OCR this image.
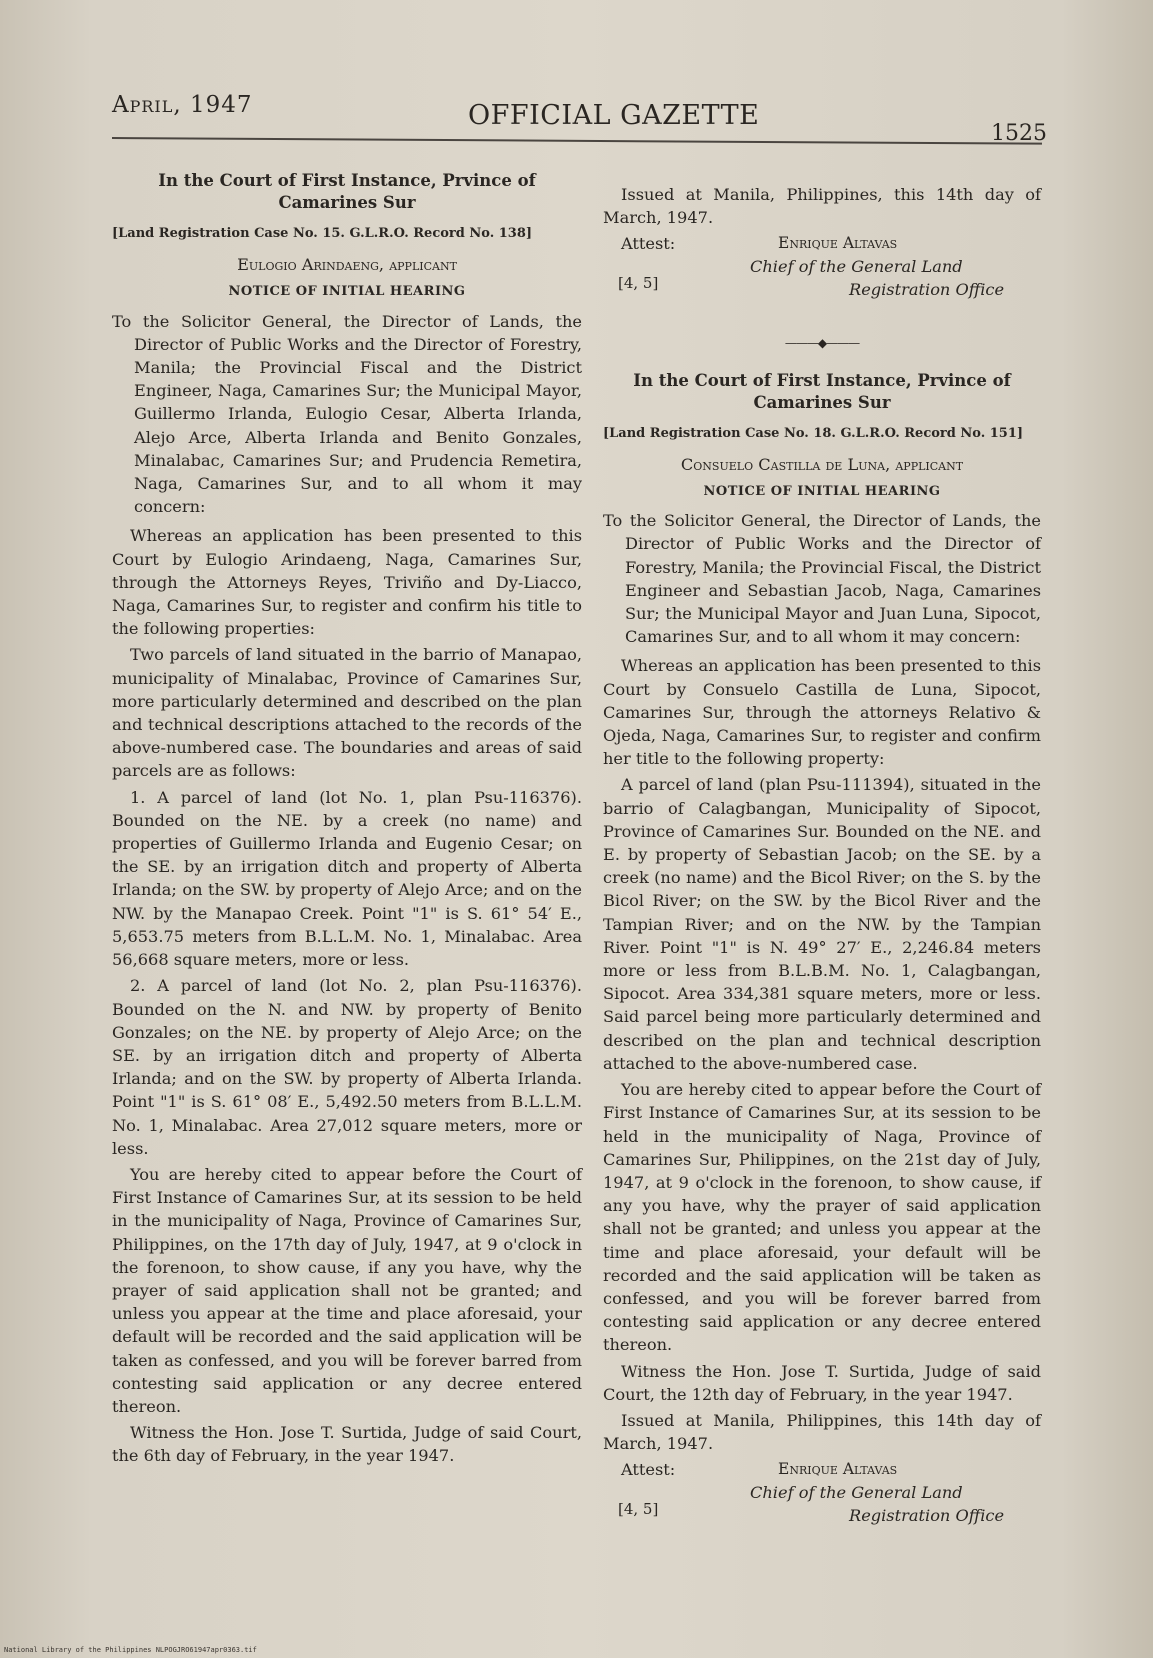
April, 1947	OFFICIAL GAZETTE
1525
In the Court of First Instance, Prvince of Camarines Sur
[Land Registration Case No. 15. G.L.R.O. Record No. 138]
Eulogio Arindaeng, applicant
NOTICE OF INITIAL HEARING
To the Solicitor General, the Director of Lands, the Director of Public Works and the Director of Forestry, Manila; the Provincial Fiscal and the District Engineer, Naga, Camarines Sur; the Municipal Mayor, Guillermo Irlanda, Eulogio Cesar, Alberta Irlanda, Alejo Arce, Alberta Irlanda and Benito Gonzales, Minalabac, Camarines Sur; and Prudencia Remetira, Naga, Camarines Sur, and to all whom it may concern:

Whereas an application has been presented to this Court by Eulogio Arindaeng, Naga, Camarines Sur, through the Attorneys Reyes, Triviño and Dy-Liacco, Naga, Camarines Sur, to register and confirm his title to the following properties:

Two parcels of land situated in the barrio of Manapao, municipality of Minalabac, Province of Camarines Sur, more particularly determined and described on the plan and technical descriptions attached to the records of the above-numbered case. The boundaries and areas of said parcels are as follows:

1. A parcel of land (lot No. 1, plan Psu-116376). Bounded on the NE. by a creek (no name) and properties of Guillermo Irlanda and Eugenio Cesar; on the SE. by an irrigation ditch and property of Alberta Irlanda; on the SW. by property of Alejo Arce; and on the NW. by the Manapao Creek. Point "1" is S. 61° 54′ E., 5,653.75 meters from B.L.L.M. No. 1, Minalabac. Area 56,668 square meters, more or less.

2. A parcel of land (lot No. 2, plan Psu-116376). Bounded on the N. and NW. by property of Benito Gonzales; on the NE. by property of Alejo Arce; on the SE. by an irrigation ditch and property of Alberta Irlanda; and on the SW. by property of Alberta Irlanda. Point "1" is S. 61° 08′ E., 5,492.50 meters from B.L.L.M. No. 1, Minalabac. Area 27,012 square meters, more or less.

You are hereby cited to appear before the Court of First Instance of Camarines Sur, at its session to be held in the municipality of Naga, Province of Camarines Sur, Philippines, on the 17th day of July, 1947, at 9 o'clock in the forenoon, to show cause, if any you have, why the prayer of said application shall not be granted; and unless you appear at the time and place aforesaid, your default will be recorded and the said application will be taken as confessed, and you will be forever barred from contesting said application or any decree entered thereon.

Witness the Hon. Jose T. Surtida, Judge of said Court, the 6th day of February, in the year 1947.

Issued at Manila, Philippines, this 14th day of March, 1947.

Attest:	Enrique Altavas
Chief of the General Land
Registration Office
[4, 5]
———◆———
In the Court of First Instance, Prvince of Camarines Sur
[Land Registration Case No. 18. G.L.R.O. Record No. 151]
Consuelo Castilla de Luna, applicant
NOTICE OF INITIAL HEARING
To the Solicitor General, the Director of Lands, the Director of Public Works and the Director of Forestry, Manila; the Provincial Fiscal, the District Engineer and Sebastian Jacob, Naga, Camarines Sur; the Municipal Mayor and Juan Luna, Sipocot, Camarines Sur, and to all whom it may concern:

Whereas an application has been presented to this Court by Consuelo Castilla de Luna, Sipocot, Camarines Sur, through the attorneys Relativo & Ojeda, Naga, Camarines Sur, to register and confirm her title to the following property:

A parcel of land (plan Psu-111394), situated in the barrio of Calagbangan, Municipality of Sipocot, Province of Camarines Sur. Bounded on the NE. and E. by property of Sebastian Jacob; on the SE. by a creek (no name) and the Bicol River; on the S. by the Bicol River; on the SW. by the Bicol River and the Tampian River; and on the NW. by the Tampian River. Point "1" is N. 49° 27′ E., 2,246.84 meters more or less from B.L.B.M. No. 1, Calagbangan, Sipocot. Area 334,381 square meters, more or less. Said parcel being more particularly determined and described on the plan and technical description attached to the above-numbered case.

You are hereby cited to appear before the Court of First Instance of Camarines Sur, at its session to be held in the municipality of Naga, Province of Camarines Sur, Philippines, on the 21st day of July, 1947, at 9 o'clock in the forenoon, to show cause, if any you have, why the prayer of said application shall not be granted; and unless you appear at the time and place aforesaid, your default will be recorded and the said application will be taken as confessed, and you will be forever barred from contesting said application or any decree entered thereon.

Witness the Hon. Jose T. Surtida, Judge of said Court, the 12th day of February, in the year 1947.

Issued at Manila, Philippines, this 14th day of March, 1947.

Attest:	Enrique Altavas
Chief of the General Land
Registration Office
[4, 5]
National Library of the Philippines NLPOGJRO61947apr0363.tif
